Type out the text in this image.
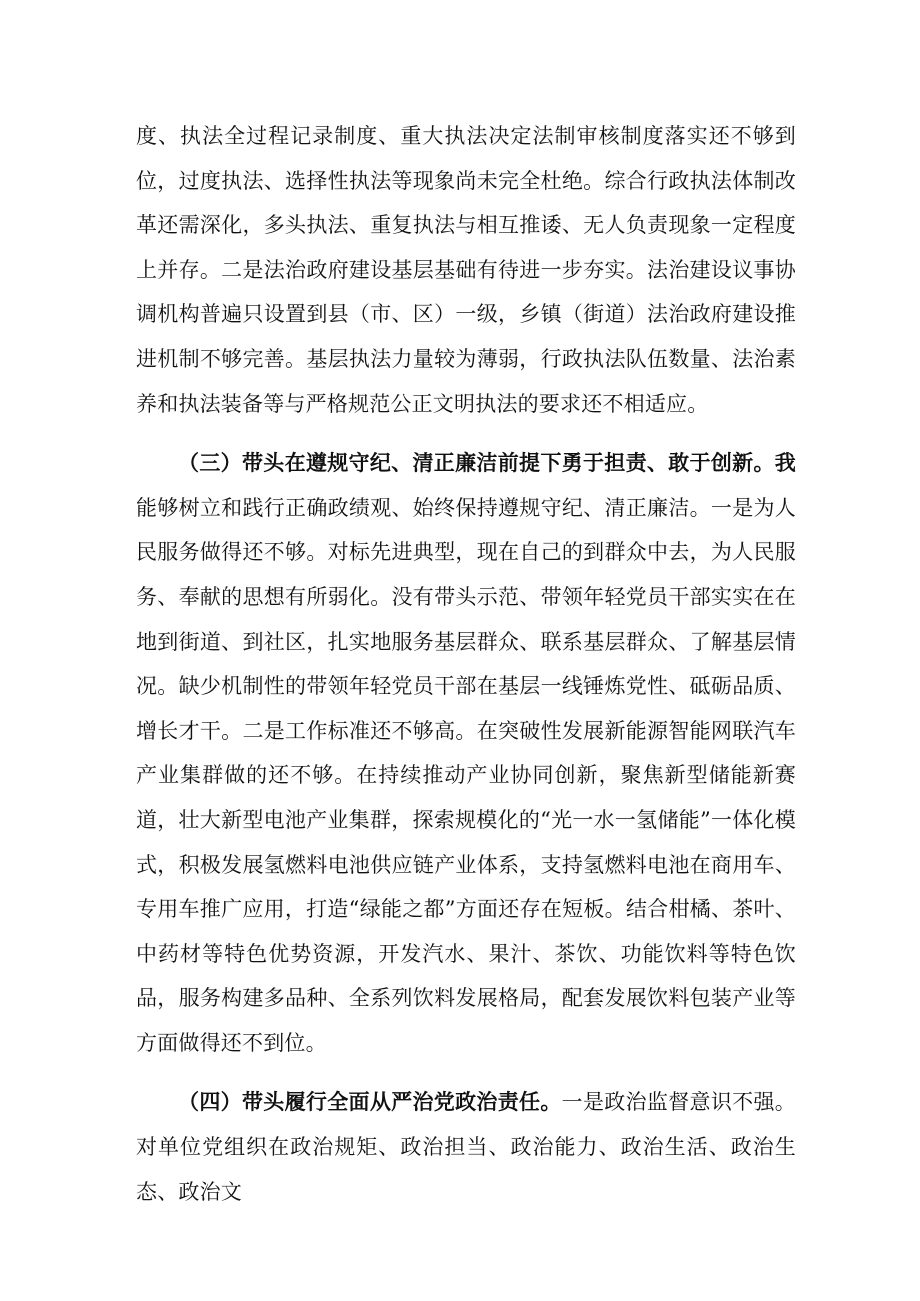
度、执法全过程记录制度、重大执法决定法制审核制度落实还不够到位，过度执法、选择性执法等现象尚未完全杜绝。综合行政执法体制改革还需深化，多头执法、重复执法与相互推诿、无人负责现象一定程度上并存。二是法治政府建设基层基础有待进一步夯实。法治建设议事协调机构普遍只设置到县（市、区）一级，乡镇（街道）法治政府建设推进机制不够完善。基层执法力量较为薄弱，行政执法队伍数量、法治素养和执法装备等与严格规范公正文明执法的要求还不相适应。

（三）带头在遵规守纪、清正廉洁前提下勇于担责、敢于创新。我能够树立和践行正确政绩观、始终保持遵规守纪、清正廉洁。一是为人民服务做得还不够。对标先进典型，现在自己的到群众中去，为人民服务、奉献的思想有所弱化。没有带头示范、带领年轻党员干部实实在在地到街道、到社区，扎实地服务基层群众、联系基层群众、了解基层情况。缺少机制性的带领年轻党员干部在基层一线锤炼党性、砥砺品质、增长才干。二是工作标准还不够高。在突破性发展新能源智能网联汽车产业集群做的还不够。在持续推动产业协同创新，聚焦新型储能新赛道，壮大新型电池产业集群，探索规模化的“光一水一氢储能”一体化模式，积极发展氢燃料电池供应链产业体系，支持氢燃料电池在商用车、专用车推广应用，打造“绿能之都”方面还存在短板。结合柑橘、茶叶、中药材等特色优势资源，开发汽水、果汁、茶饮、功能饮料等特色饮品，服务构建多品种、全系列饮料发展格局，配套发展饮料包装产业等方面做得还不到位。

（四）带头履行全面从严治党政治责任。一是政治监督意识不强。对单位党组织在政治规矩、政治担当、政治能力、政治生活、政治生态、政治文
